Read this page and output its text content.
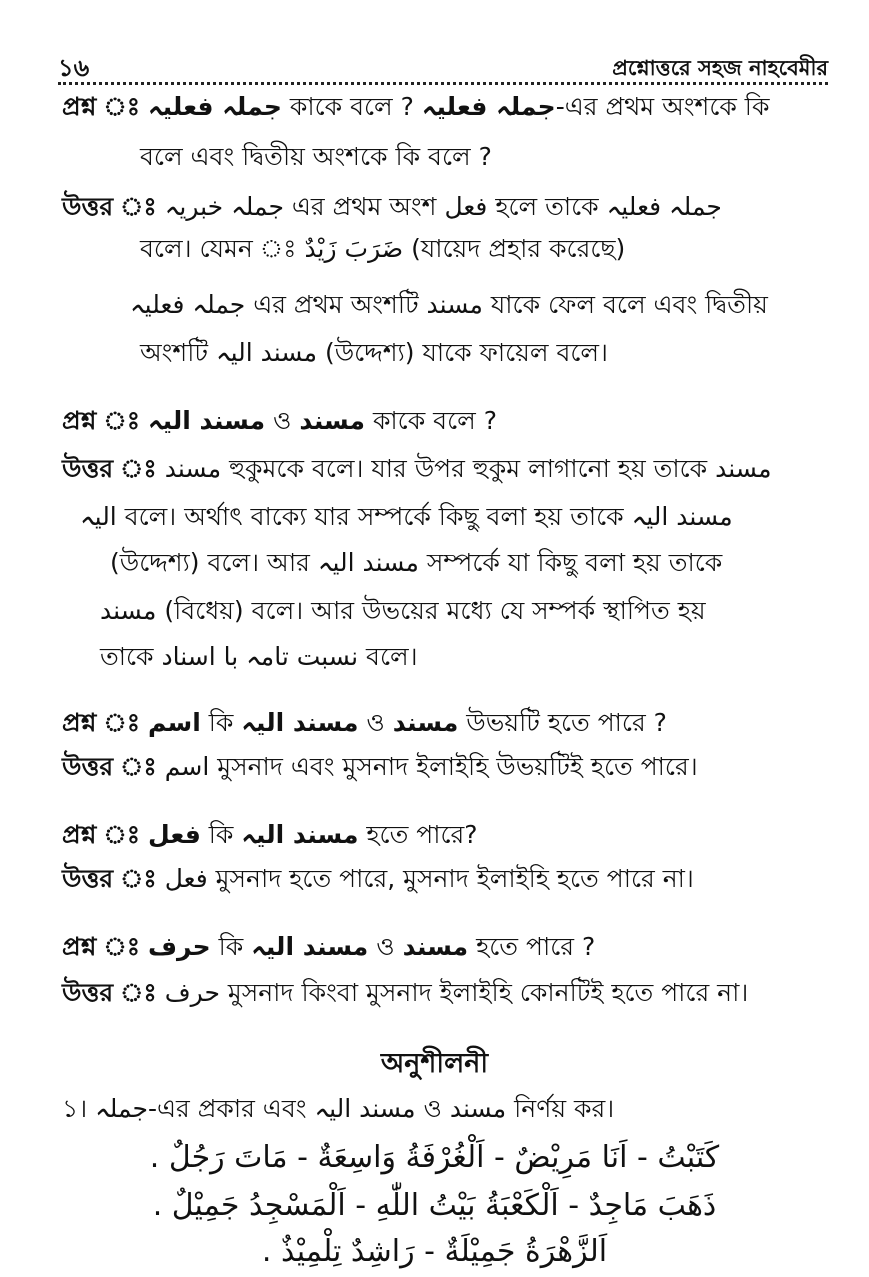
১৬	প্রশ্নোত্তরে সহজ নাহবেমীর
প্রশ্ন ঃ جملہ فعلیہ কাকে বলে ? جملہ فعلیہ-এর প্রথম অংশকে কি
বলে এবং দ্বিতীয় অংশকে কি বলে ?
উত্তর ঃ جملہ خبریہ এর প্রথম অংশ فعل হলে তাকে جملہ فعلیہ
বলে। যেমন ঃ ضَرَبَ زَيْدٌ (যায়েদ প্রহার করেছে)
جملہ فعلیہ এর প্রথম অংশটি مسند যাকে ফেল বলে এবং দ্বিতীয়
অংশটি مسند اليہ (উদ্দেশ্য) যাকে ফায়েল বলে।
প্রশ্ন ঃ مسند اليہ ও مسند কাকে বলে ?
উত্তর ঃ مسند হুকুমকে বলে। যার উপর হুকুম লাগানো হয় তাকে مسند
اليہ বলে। অর্থাৎ বাক্যে যার সম্পর্কে কিছু বলা হয় তাকে مسند اليہ
(উদ্দেশ্য) বলে। আর مسند اليہ সম্পর্কে যা কিছু বলা হয় তাকে
مسند (বিধেয়) বলে। আর উভয়ের মধ্যে যে সম্পর্ক স্থাপিত হয়
তাকে نسبت تامہ با اسناد বলে।
প্রশ্ন ঃ اسم কি مسند اليہ ও مسند উভয়টি হতে পারে ?
উত্তর ঃ اسم মুসনাদ এবং মুসনাদ ইলাইহি উভয়টিই হতে পারে।
প্রশ্ন ঃ فعل কি مسند اليہ হতে পারে?
উত্তর ঃ فعل মুসনাদ হতে পারে, মুসনাদ ইলাইহি হতে পারে না।
প্রশ্ন ঃ حرف কি مسند اليہ ও مسند হতে পারে ?
উত্তর ঃ حرف মুসনাদ কিংবা মুসনাদ ইলাইহি কোনটিই হতে পারে না।
অনুশীলনী
১। جملہ-এর প্রকার এবং مسند اليہ ও مسند নির্ণয় কর।
كَتَبْتُ - اَنَا مَرِيْضٌ - اَلْغُرْفَةُ وَاسِعَةٌ - مَاتَ رَجُلٌ .
ذَهَبَ مَاجِدٌ - اَلْكَعْبَةُ بَيْتُ اللّٰهِ - اَلْمَسْجِدُ جَمِيْلٌ .
اَلزَّهْرَةُ جَمِيْلَةٌ - رَاشِدٌ تِلْمِيْذٌ .
